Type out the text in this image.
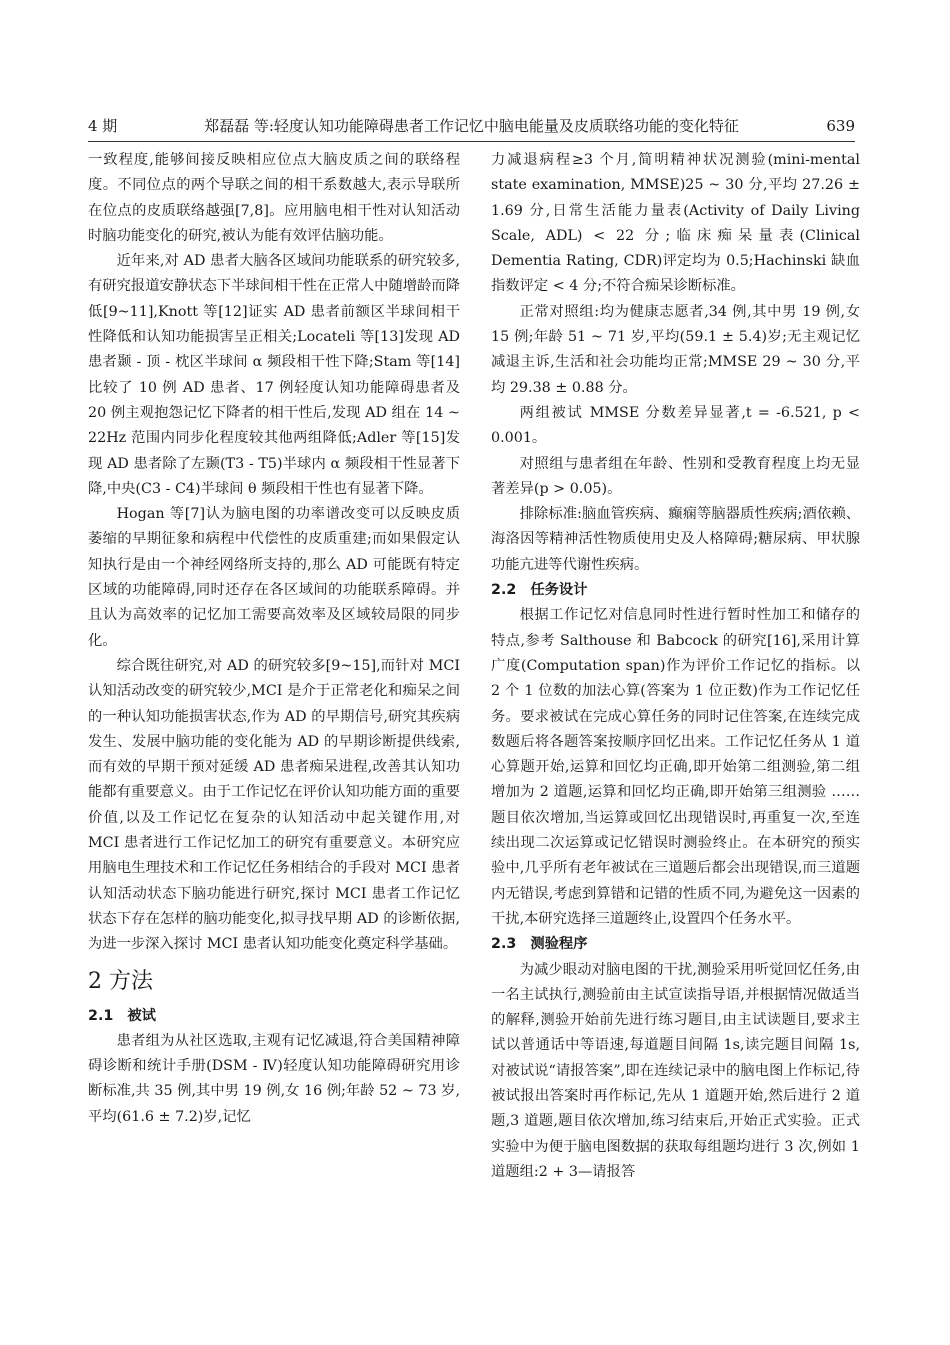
4 期	郑磊磊 等:轻度认知功能障碍患者工作记忆中脑电能量及皮质联络功能的变化特征	639

一致程度,能够间接反映相应位点大脑皮质之间的联络程度。不同位点的两个导联之间的相干系数越大,表示导联所在位点的皮质联络越强[7,8]。应用脑电相干性对认知活动时脑功能变化的研究,被认为能有效评估脑功能。

近年来,对 AD 患者大脑各区域间功能联系的研究较多,有研究报道安静状态下半球间相干性在正常人中随增龄而降低[9~11],Knott 等[12]证实 AD 患者前额区半球间相干性降低和认知功能损害呈正相关;Locateli 等[13]发现 AD 患者颞 - 顶 - 枕区半球间 α 频段相干性下降;Stam 等[14]比较了 10 例 AD 患者、17 例轻度认知功能障碍患者及 20 例主观抱怨记忆下降者的相干性后,发现 AD 组在 14 ~ 22Hz 范围内同步化程度较其他两组降低;Adler 等[15]发现 AD 患者除了左颞(T3 - T5)半球内 α 频段相干性显著下降,中央(C3 - C4)半球间 θ 频段相干性也有显著下降。

Hogan 等[7]认为脑电图的功率谱改变可以反映皮质萎缩的早期征象和病程中代偿性的皮质重建;而如果假定认知执行是由一个神经网络所支持的,那么 AD 可能既有特定区域的功能障碍,同时还存在各区域间的功能联系障碍。并且认为高效率的记忆加工需要高效率及区域较局限的同步化。

综合既往研究,对 AD 的研究较多[9~15],而针对 MCI 认知活动改变的研究较少,MCI 是介于正常老化和痴呆之间的一种认知功能损害状态,作为 AD 的早期信号,研究其疾病发生、发展中脑功能的变化能为 AD 的早期诊断提供线索,而有效的早期干预对延缓 AD 患者痴呆进程,改善其认知功能都有重要意义。由于工作记忆在评价认知功能方面的重要价值,以及工作记忆在复杂的认知活动中起关键作用,对 MCI 患者进行工作记忆加工的研究有重要意义。本研究应用脑电生理技术和工作记忆任务相结合的手段对 MCI 患者认知活动状态下脑功能进行研究,探讨 MCI 患者工作记忆状态下存在怎样的脑功能变化,拟寻找早期 AD 的诊断依据,为进一步深入探讨 MCI 患者认知功能变化奠定科学基础。

2 方法
2.1 被试

患者组为从社区选取,主观有记忆减退,符合美国精神障碍诊断和统计手册(DSM - Ⅳ)轻度认知功能障碍研究用诊断标准,共 35 例,其中男 19 例,女 16 例;年龄 52 ~ 73 岁,平均(61.6 ± 7.2)岁,记忆

力减退病程≥3 个月,简明精神状况测验(mini-mental state examination, MMSE)25 ~ 30 分,平均 27.26 ± 1.69 分,日常生活能力量表(Activity of Daily Living Scale, ADL) < 22 分;临床痴呆量表(Clinical Dementia Rating, CDR)评定均为 0.5;Hachinski 缺血指数评定 < 4 分;不符合痴呆诊断标准。

正常对照组:均为健康志愿者,34 例,其中男 19 例,女 15 例;年龄 51 ~ 71 岁,平均(59.1 ± 5.4)岁;无主观记忆减退主诉,生活和社会功能均正常;MMSE 29 ~ 30 分,平均 29.38 ± 0.88 分。

两组被试 MMSE 分数差异显著,t = -6.521, p < 0.001。

对照组与患者组在年龄、性别和受教育程度上均无显著差异(p > 0.05)。

排除标准:脑血管疾病、癫痫等脑器质性疾病;酒依赖、海洛因等精神活性物质使用史及人格障碍;糖尿病、甲状腺功能亢进等代谢性疾病。

2.2 任务设计

根据工作记忆对信息同时性进行暂时性加工和储存的特点,参考 Salthouse 和 Babcock 的研究[16],采用计算广度(Computation span)作为评价工作记忆的指标。以 2 个 1 位数的加法心算(答案为 1 位正数)作为工作记忆任务。要求被试在完成心算任务的同时记住答案,在连续完成数题后将各题答案按顺序回忆出来。工作记忆任务从 1 道心算题开始,运算和回忆均正确,即开始第二组测验,第二组增加为 2 道题,运算和回忆均正确,即开始第三组测验 ……题目依次增加,当运算或回忆出现错误时,再重复一次,至连续出现二次运算或记忆错误时测验终止。在本研究的预实验中,几乎所有老年被试在三道题后都会出现错误,而三道题内无错误,考虑到算错和记错的性质不同,为避免这一因素的干扰,本研究选择三道题终止,设置四个任务水平。

2.3 测验程序

为减少眼动对脑电图的干扰,测验采用听觉回忆任务,由一名主试执行,测验前由主试宣读指导语,并根据情况做适当的解释,测验开始前先进行练习题目,由主试读题目,要求主试以普通话中等语速,每道题目间隔 1s,读完题目间隔 1s,对被试说“请报答案”,即在连续记录中的脑电图上作标记,待被试报出答案时再作标记,先从 1 道题开始,然后进行 2 道题,3 道题,题目依次增加,练习结束后,开始正式实验。正式实验中为便于脑电图数据的获取每组题均进行 3 次,例如 1 道题组:2 + 3—请报答
